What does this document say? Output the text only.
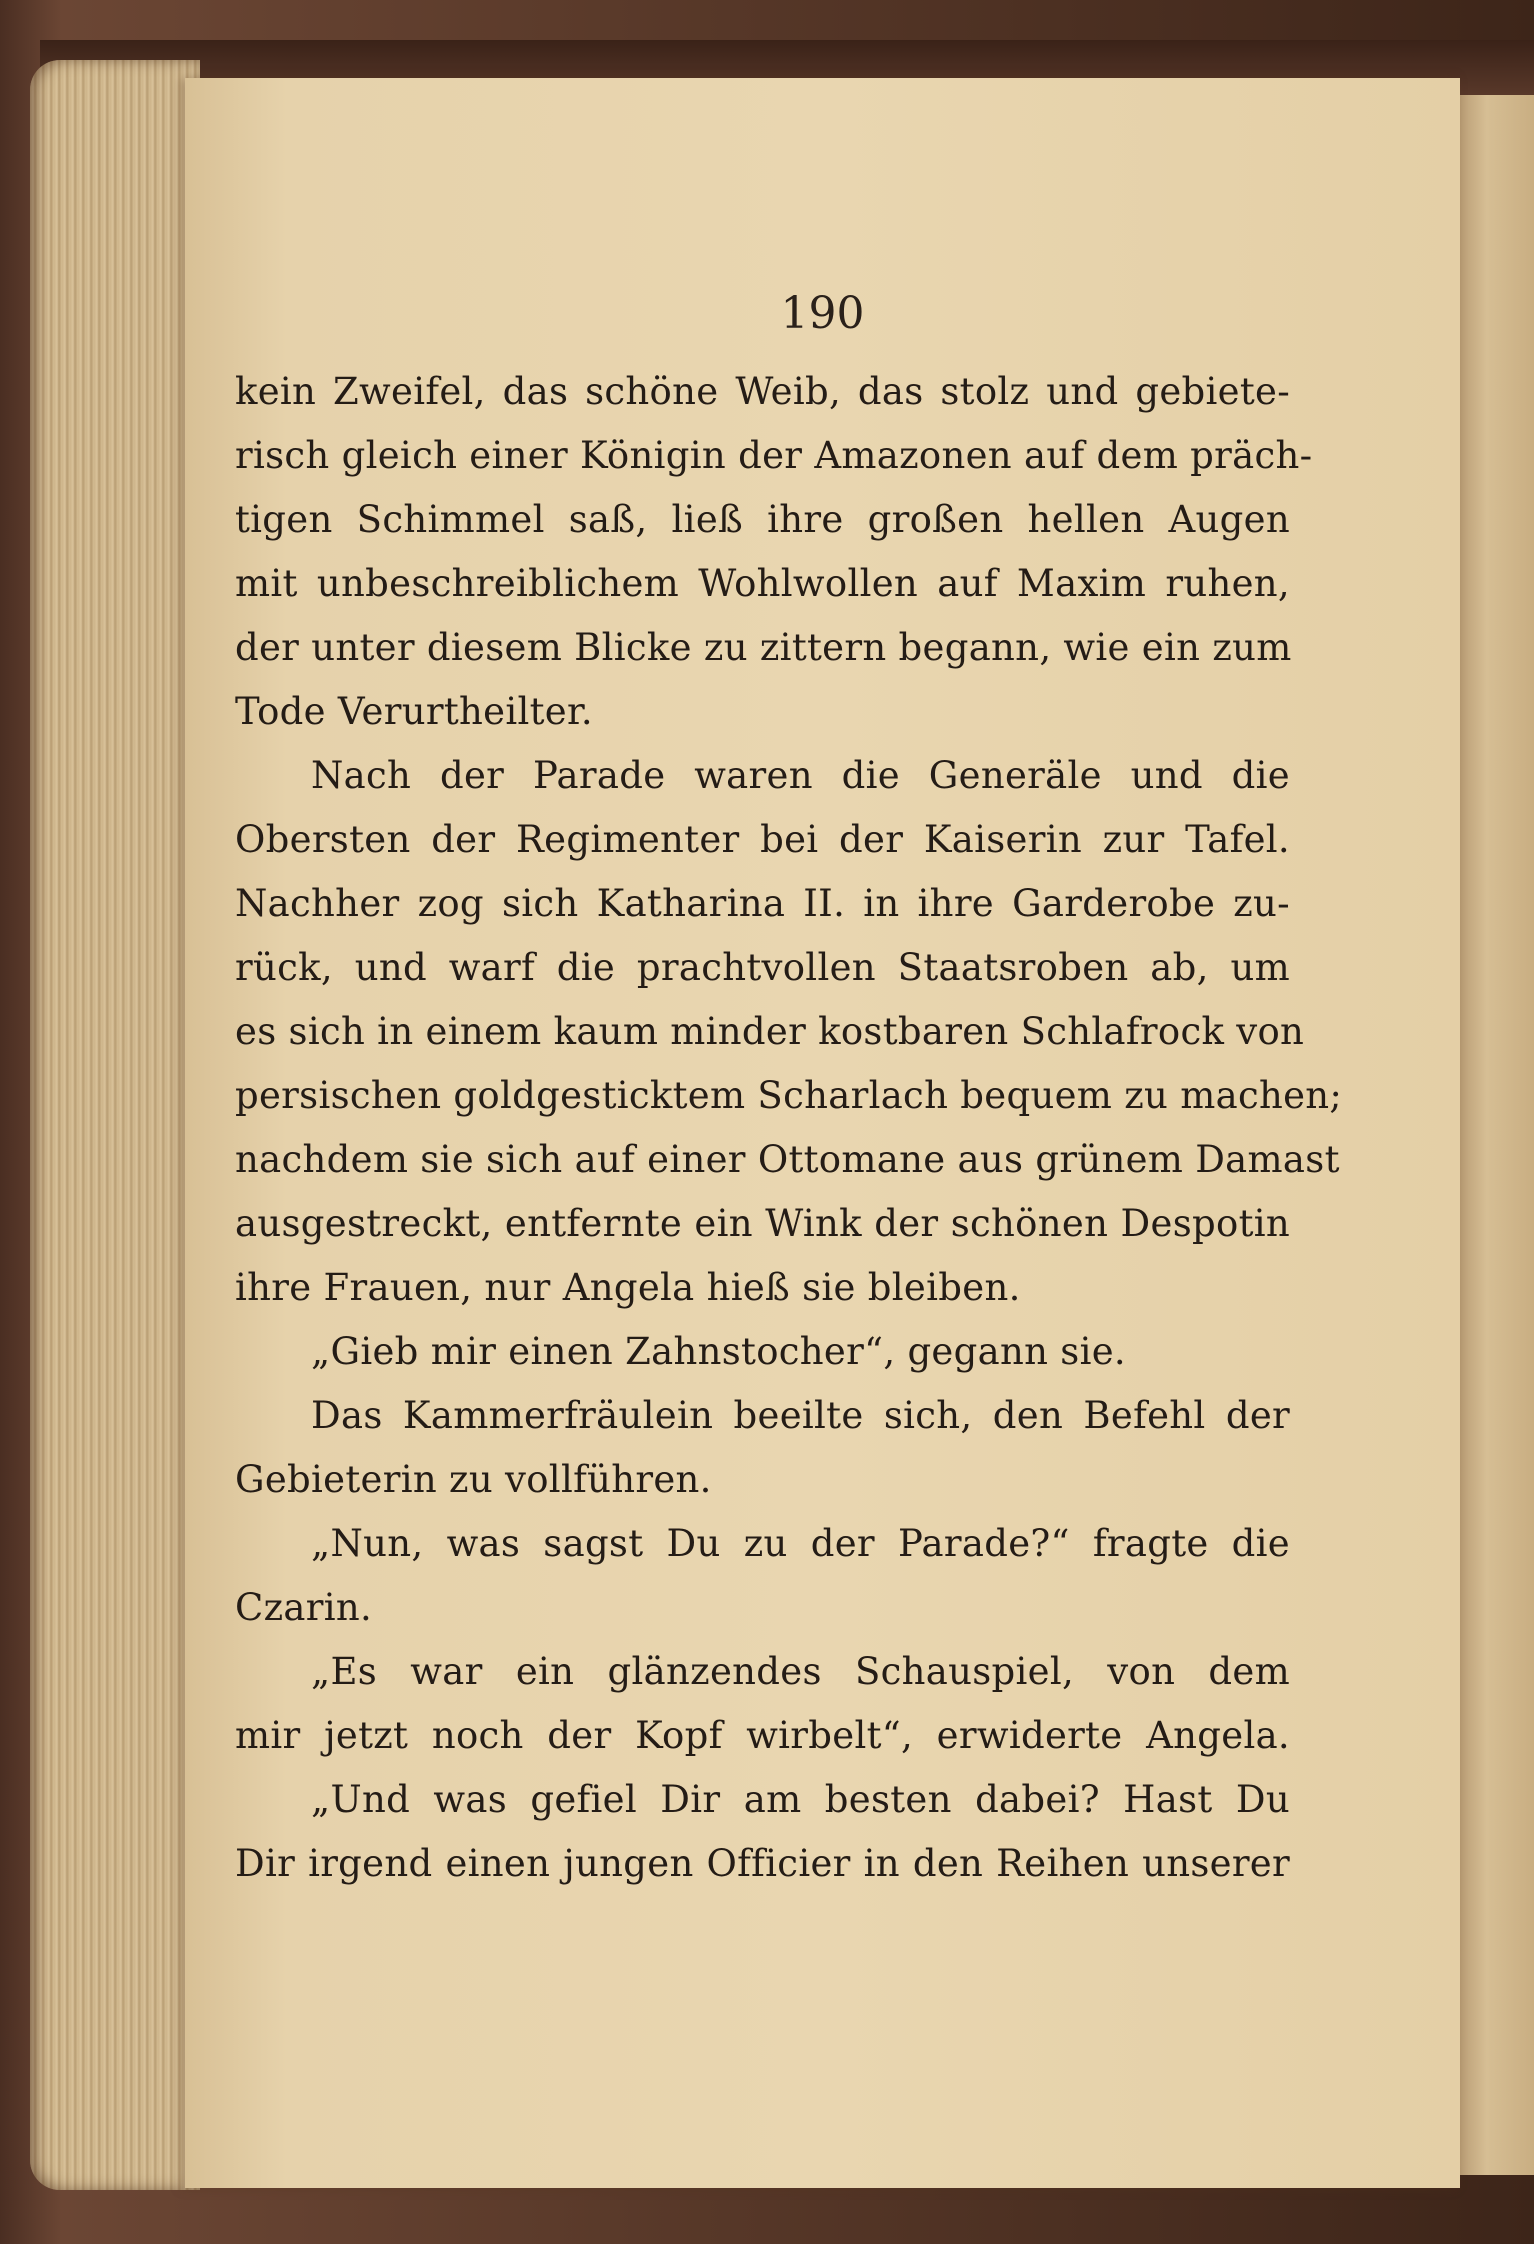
190
kein Zweifel, das schöne Weib, das stolz und gebiete-
risch gleich einer Königin der Amazonen auf dem präch-
tigen Schimmel saß, ließ ihre großen hellen Augen
mit unbeschreiblichem Wohlwollen auf Maxim ruhen,
der unter diesem Blicke zu zittern begann, wie ein zum
Tode Verurtheilter.
Nach der Parade waren die Generäle und die
Obersten der Regimenter bei der Kaiserin zur Tafel.
Nachher zog sich Katharina II. in ihre Garderobe zu-
rück, und warf die prachtvollen Staatsroben ab, um
es sich in einem kaum minder kostbaren Schlafrock von
persischen goldgesticktem Scharlach bequem zu machen;
nachdem sie sich auf einer Ottomane aus grünem Damast
ausgestreckt, entfernte ein Wink der schönen Despotin
ihre Frauen, nur Angela hieß sie bleiben.
„Gieb mir einen Zahnstocher“, gegann sie.
Das Kammerfräulein beeilte sich, den Befehl der
Gebieterin zu vollführen.
„Nun, was sagst Du zu der Parade?“ fragte die
Czarin.
„Es war ein glänzendes Schauspiel, von dem
mir jetzt noch der Kopf wirbelt“, erwiderte Angela.
„Und was gefiel Dir am besten dabei? Hast Du
Dir irgend einen jungen Officier in den Reihen unserer
